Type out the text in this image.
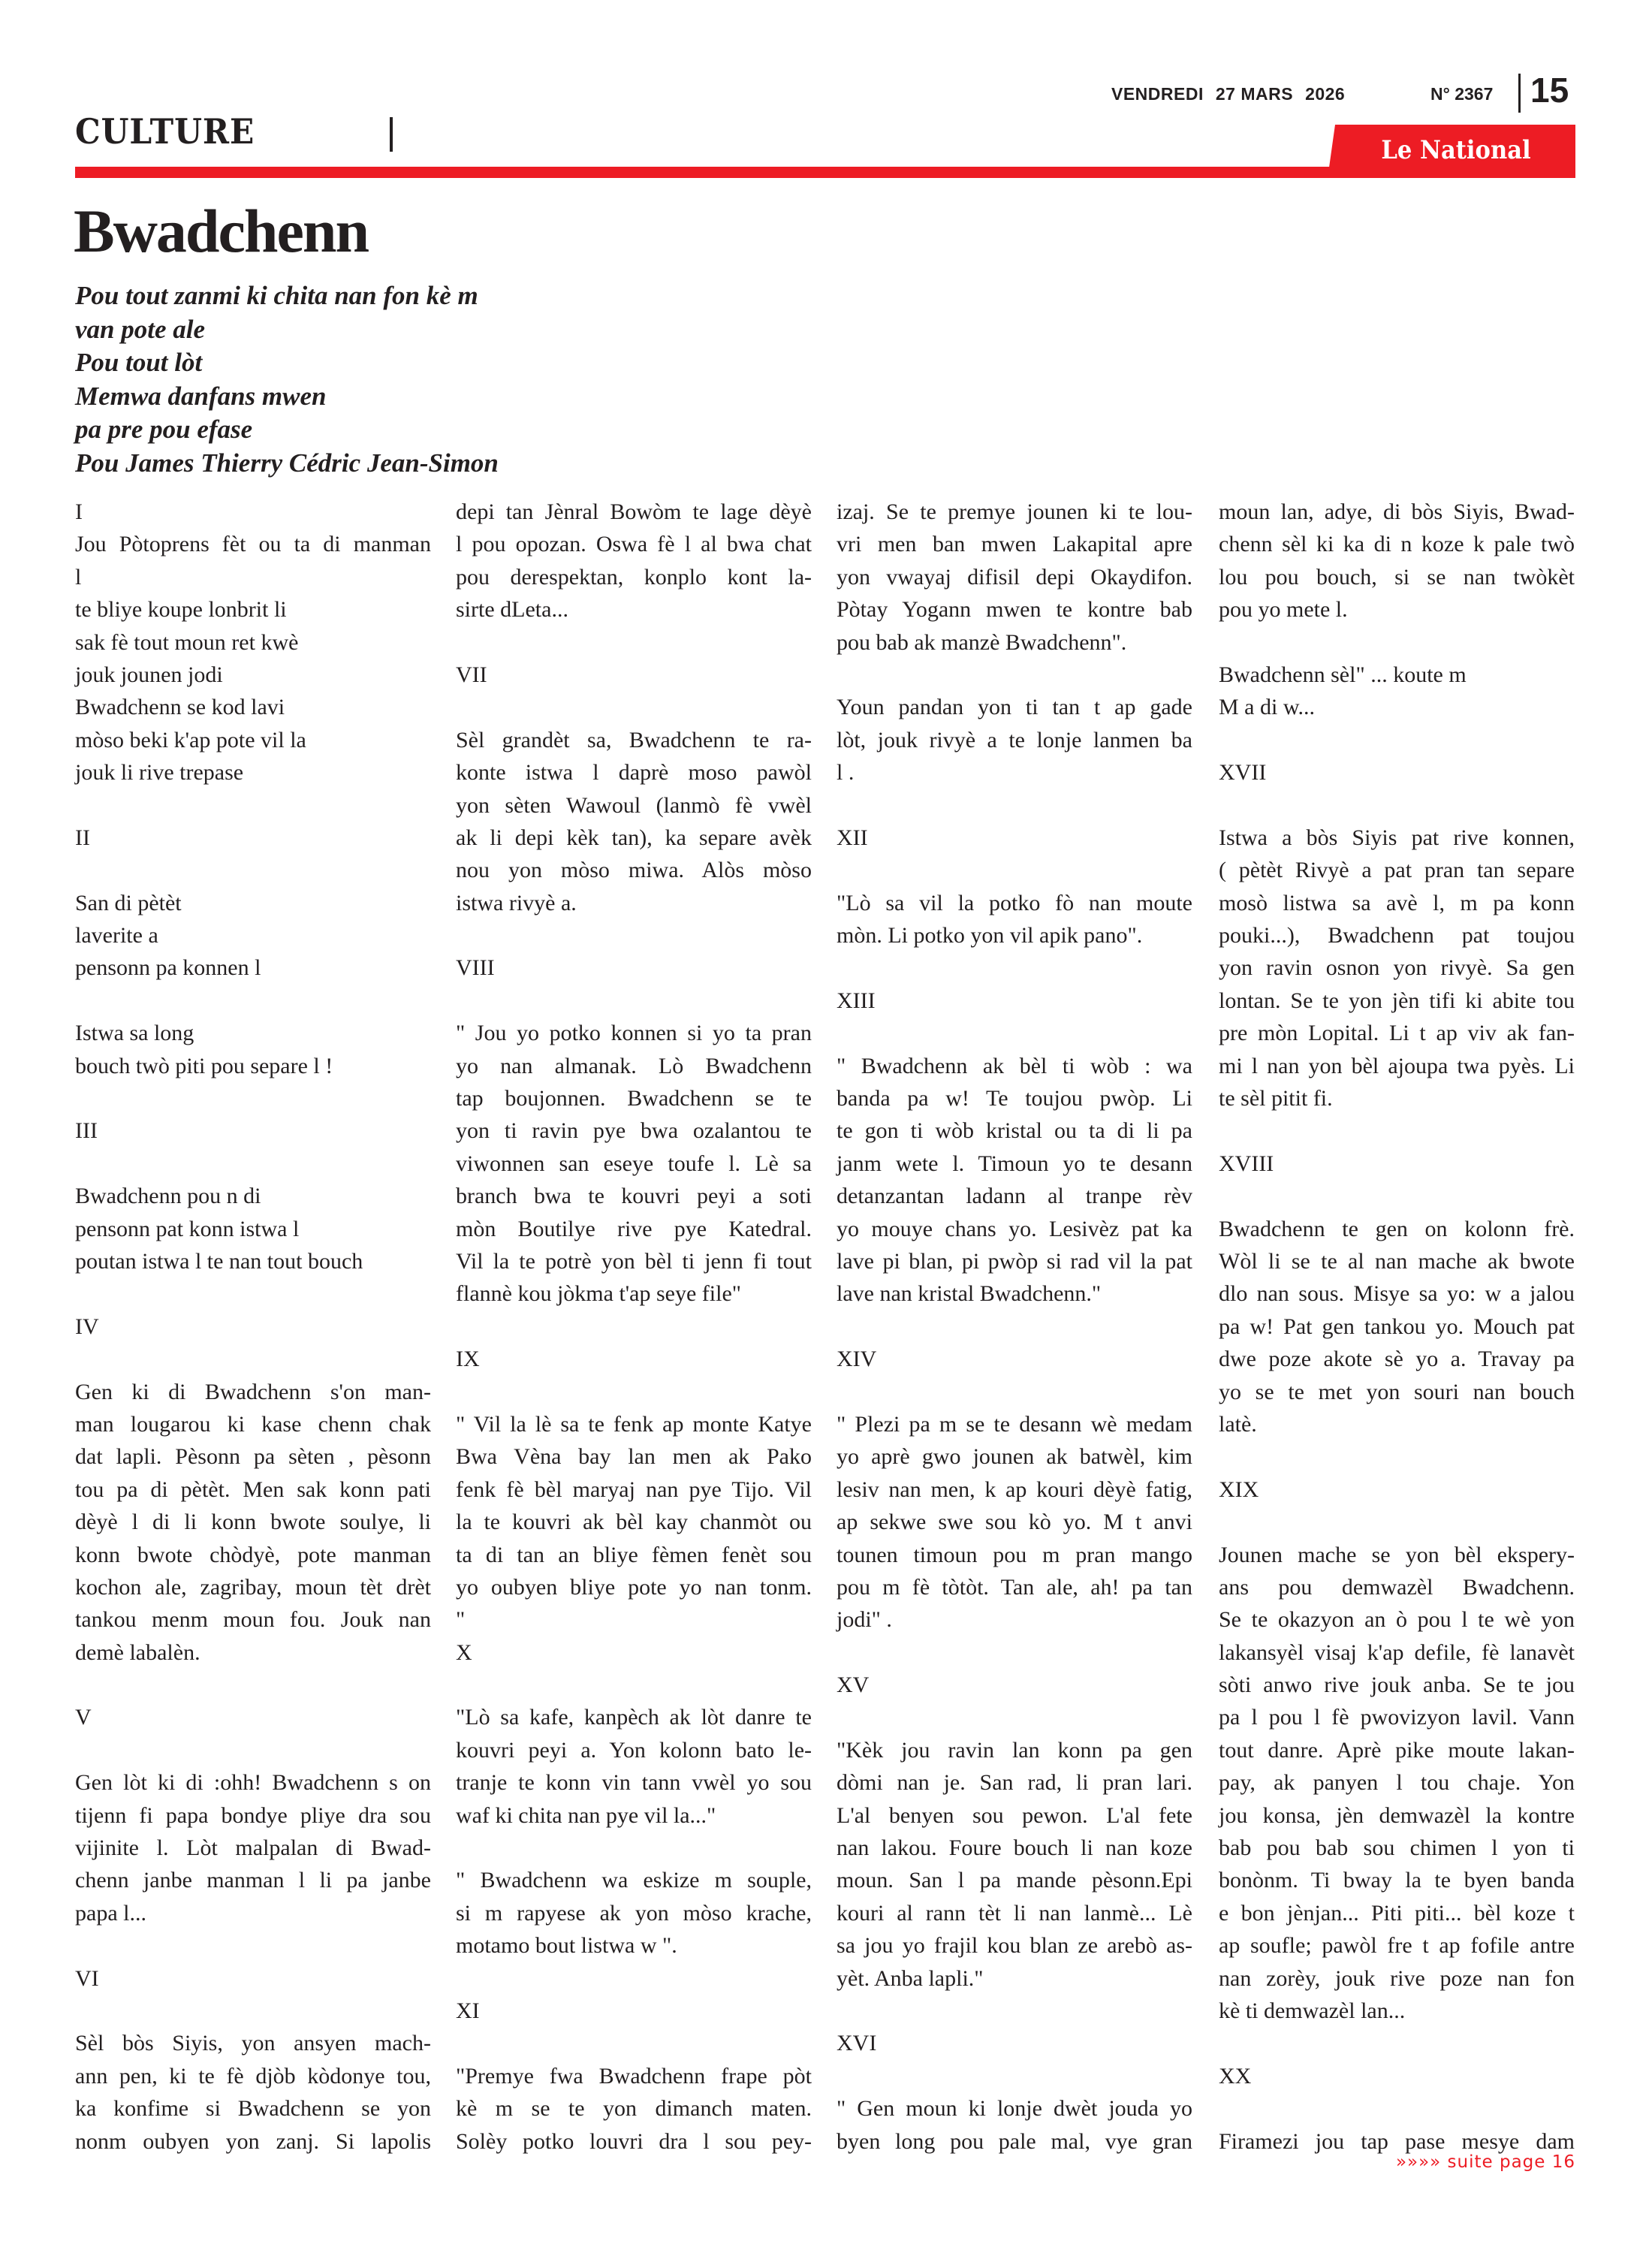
VENDREDI 27 MARS 2026	N° 2367 15
CULTURE	Le National
Bwadchenn
Pou tout zanmi ki chita nan fon kè m
van pote ale
Pou tout lòt
Memwa danfans mwen
pa pre pou efase
Pou James Thierry Cédric Jean-Simon
I
Jou Pòtoprens fèt ou ta di manman
l
te bliye koupe lonbrit li
sak fè tout moun ret kwè
jouk jounen jodi
Bwadchenn se kod lavi
mòso beki k'ap pote vil la
jouk li rive trepase
II
San di pètèt
laverite a
pensonn pa konnen l
Istwa sa long
bouch twò piti pou separe l !
III
Bwadchenn pou n di
pensonn pat konn istwa l
poutan istwa l te nan tout bouch
IV
Gen ki di Bwadchenn s'on man-
man lougarou ki kase chenn chak
dat lapli. Pèsonn pa sèten , pèsonn
tou pa di pètèt. Men sak konn pati
dèyè l di li konn bwote soulye, li
konn bwote chòdyè, pote manman
kochon ale, zagribay, moun tèt drèt
tankou menm moun fou. Jouk nan
demè labalèn.
V
Gen lòt ki di :ohh! Bwadchenn s on
tijenn fi papa bondye pliye dra sou
vijinite l. Lòt malpalan di Bwad-
chenn janbe manman l li pa janbe
papa l...
VI
Sèl bòs Siyis, yon ansyen mach-
ann pen, ki te fè djòb kòdonye tou,
ka konfime si Bwadchenn se yon
nonm oubyen yon zanj. Si lapolis
depi tan Jènral Bowòm te lage dèyè
l pou opozan. Oswa fè l al bwa chat
pou derespektan, konplo kont la-
sirte dLeta...
VII
Sèl grandèt sa, Bwadchenn te ra-
konte istwa l daprè moso pawòl
yon sèten Wawoul (lanmò fè vwèl
ak li depi kèk tan), ka separe avèk
nou yon mòso miwa. Alòs mòso
istwa rivyè a.
VIII
" Jou yo potko konnen si yo ta pran
yo nan almanak. Lò Bwadchenn
tap boujonnen. Bwadchenn se te
yon ti ravin pye bwa ozalantou te
viwonnen san eseye toufe l. Lè sa
branch bwa te kouvri peyi a soti
mòn Boutilye rive pye Katedral.
Vil la te potrè yon bèl ti jenn fi tout
flannè kou jòkma t'ap seye file"
IX
" Vil la lè sa te fenk ap monte Katye
Bwa Vèna bay lan men ak Pako
fenk fè bèl maryaj nan pye Tijo. Vil
la te kouvri ak bèl kay chanmòt ou
ta di tan an bliye fèmen fenèt sou
yo oubyen bliye pote yo nan tonm.
"
X
"Lò sa kafe, kanpèch ak lòt danre te
kouvri peyi a. Yon kolonn bato le-
tranje te konn vin tann vwèl yo sou
waf ki chita nan pye vil la..."
" Bwadchenn wa eskize m souple,
si m rapyese ak yon mòso krache,
motamo bout listwa w ".
XI
"Premye fwa Bwadchenn frape pòt
kè m se te yon dimanch maten.
Solèy potko louvri dra l sou pey-
izaj. Se te premye jounen ki te lou-
vri men ban mwen Lakapital apre
yon vwayaj difisil depi Okaydifon.
Pòtay Yogann mwen te kontre bab
pou bab ak manzè Bwadchenn".
Youn pandan yon ti tan t ap gade
lòt, jouk rivyè a te lonje lanmen ba
l .
XII
"Lò sa vil la potko fò nan moute
mòn. Li potko yon vil apik pano".
XIII
" Bwadchenn ak bèl ti wòb : wa
banda pa w! Te toujou pwòp. Li
te gon ti wòb kristal ou ta di li pa
janm wete l. Timoun yo te desann
detanzantan ladann al tranpe rèv
yo mouye chans yo. Lesivèz pat ka
lave pi blan, pi pwòp si rad vil la pat
lave nan kristal Bwadchenn."
XIV
" Plezi pa m se te desann wè medam
yo aprè gwo jounen ak batwèl, kim
lesiv nan men, k ap kouri dèyè fatig,
ap sekwe swe sou kò yo. M t anvi
tounen timoun pou m pran mango
pou m fè tòtòt. Tan ale, ah! pa tan
jodi" .
XV
"Kèk jou ravin lan konn pa gen
dòmi nan je. San rad, li pran lari.
L'al benyen sou pewon. L'al fete
nan lakou. Foure bouch li nan koze
moun. San l pa mande pèsonn.Epi
kouri al rann tèt li nan lanmè... Lè
sa jou yo frajil kou blan ze arebò as-
yèt. Anba lapli."
XVI
" Gen moun ki lonje dwèt jouda yo
byen long pou pale mal, vye gran
moun lan, adye, di bòs Siyis, Bwad-
chenn sèl ki ka di n koze k pale twò
lou pou bouch, si se nan twòkèt
pou yo mete l.
Bwadchenn sèl" ... koute m
M a di w...
XVII
Istwa a bòs Siyis pat rive konnen,
( pètèt Rivyè a pat pran tan separe
mosò listwa sa avè l, m pa konn
pouki...), Bwadchenn pat toujou
yon ravin osnon yon rivyè. Sa gen
lontan. Se te yon jèn tifi ki abite tou
pre mòn Lopital. Li t ap viv ak fan-
mi l nan yon bèl ajoupa twa pyès. Li
te sèl pitit fi.
XVIII
Bwadchenn te gen on kolonn frè.
Wòl li se te al nan mache ak bwote
dlo nan sous. Misye sa yo: w a jalou
pa w! Pat gen tankou yo. Mouch pat
dwe poze akote sè yo a. Travay pa
yo se te met yon souri nan bouch
latè.
XIX
Jounen mache se yon bèl ekspery-
ans pou demwazèl Bwadchenn.
Se te okazyon an ò pou l te wè yon
lakansyèl visaj k'ap defile, fè lanavèt
sòti anwo rive jouk anba. Se te jou
pa l pou l fè pwovizyon lavil. Vann
tout danre. Aprè pike moute lakan-
pay, ak panyen l tou chaje. Yon
jou konsa, jèn demwazèl la kontre
bab pou bab sou chimen l yon ti
bonònm. Ti bway la te byen banda
e bon jènjan... Piti piti... bèl koze t
ap soufle; pawòl fre t ap fofile antre
nan zorèy, jouk rive poze nan fon
kè ti demwazèl lan...
XX
Firamezi jou tap pase mesye dam
»»»» suite page 16
